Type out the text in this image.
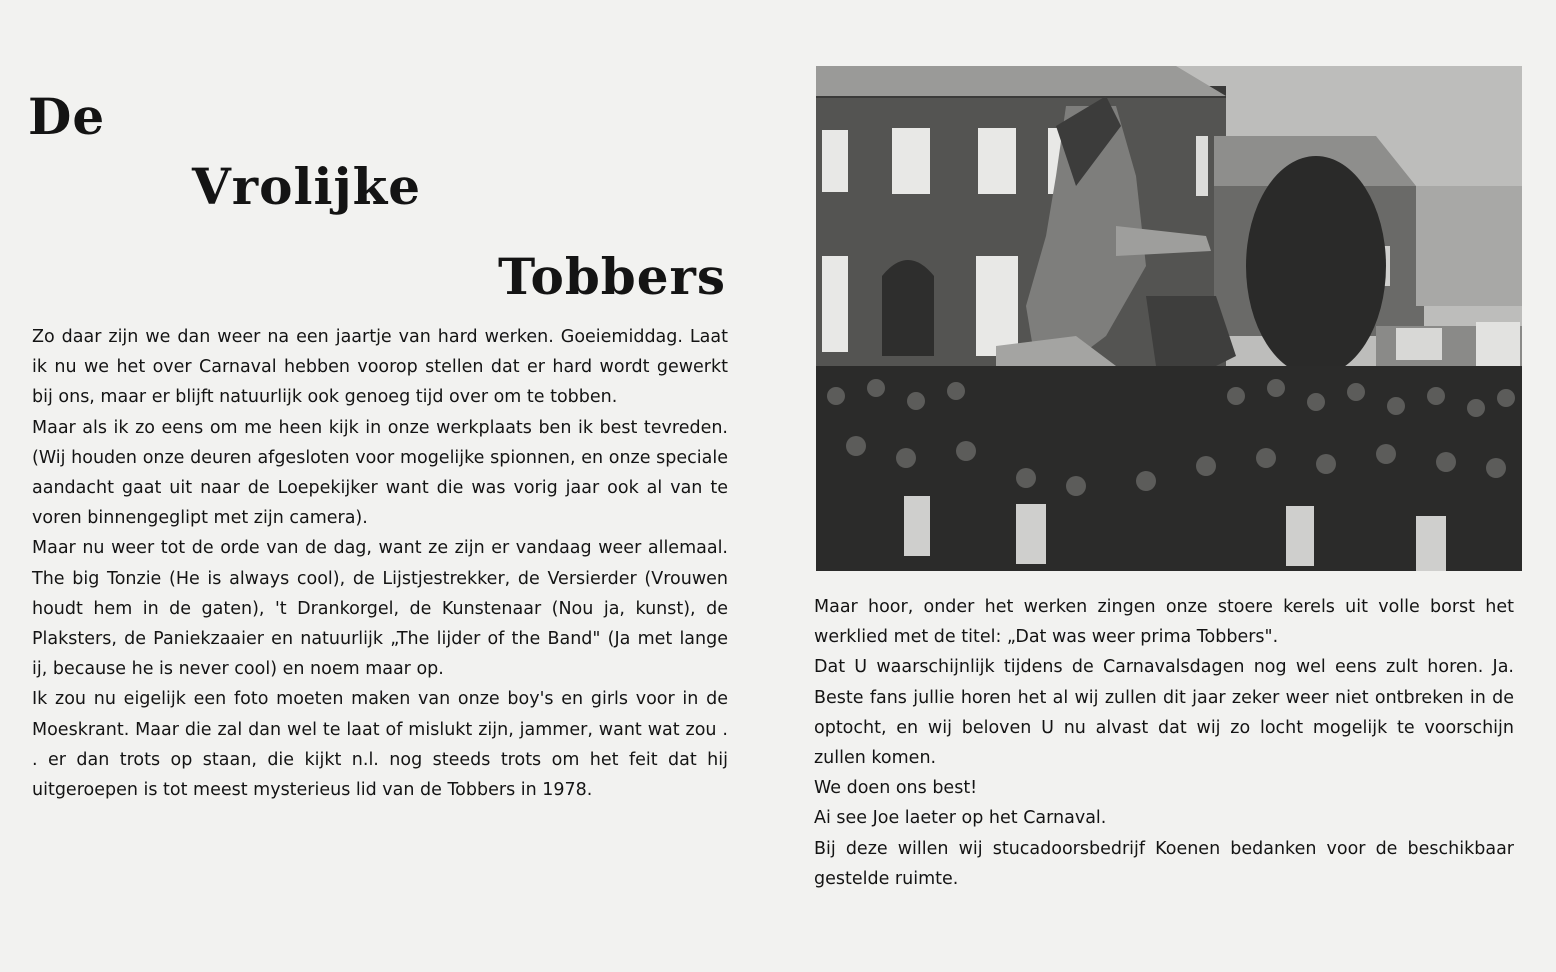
De
Vrolijke
Tobbers

Zo daar zijn we dan weer na een jaartje van hard werken. Goeiemiddag. Laat ik nu we het over Carnaval hebben voorop stellen dat er hard wordt gewerkt bij ons, maar er blijft natuurlijk ook genoeg tijd over om te tobben.

Maar als ik zo eens om me heen kijk in onze werkplaats ben ik best tevreden. (Wij houden onze deuren afgesloten voor mogelijke spionnen, en onze speciale aandacht gaat uit naar de Loepekijker want die was vorig jaar ook al van te voren binnengeglipt met zijn camera).

Maar nu weer tot de orde van de dag, want ze zijn er vandaag weer allemaal. The big Tonzie (He is always cool), de Lijstjestrekker, de Versierder (Vrouwen houdt hem in de gaten), 't Drankorgel, de Kunstenaar (Nou ja, kunst), de Plaksters, de Paniekzaaier en natuurlijk „The lijder of the Band" (Ja met lange ij, because he is never cool) en noem maar op.

Ik zou nu eigelijk een foto moeten maken van onze boy's en girls voor in de Moeskrant. Maar die zal dan wel te laat of mislukt zijn, jammer, want wat zou . . er dan trots op staan, die kijkt n.l. nog steeds trots om het feit dat hij uitgeroepen is tot meest mysterieus lid van de Tobbers in 1978.

Maar hoor, onder het werken zingen onze stoere kerels uit volle borst het werklied met de titel: „Dat was weer prima Tobbers".

Dat U waarschijnlijk tijdens de Carnavalsdagen nog wel eens zult horen. Ja. Beste fans jullie horen het al wij zullen dit jaar zeker weer niet ontbreken in de optocht, en wij beloven U nu alvast dat wij zo locht mogelijk te voorschijn zullen komen.

We doen ons best!

Ai see Joe laeter op het Carnaval.

Bij deze willen wij stucadoorsbedrijf Koenen bedanken voor de beschikbaar gestelde ruimte.
